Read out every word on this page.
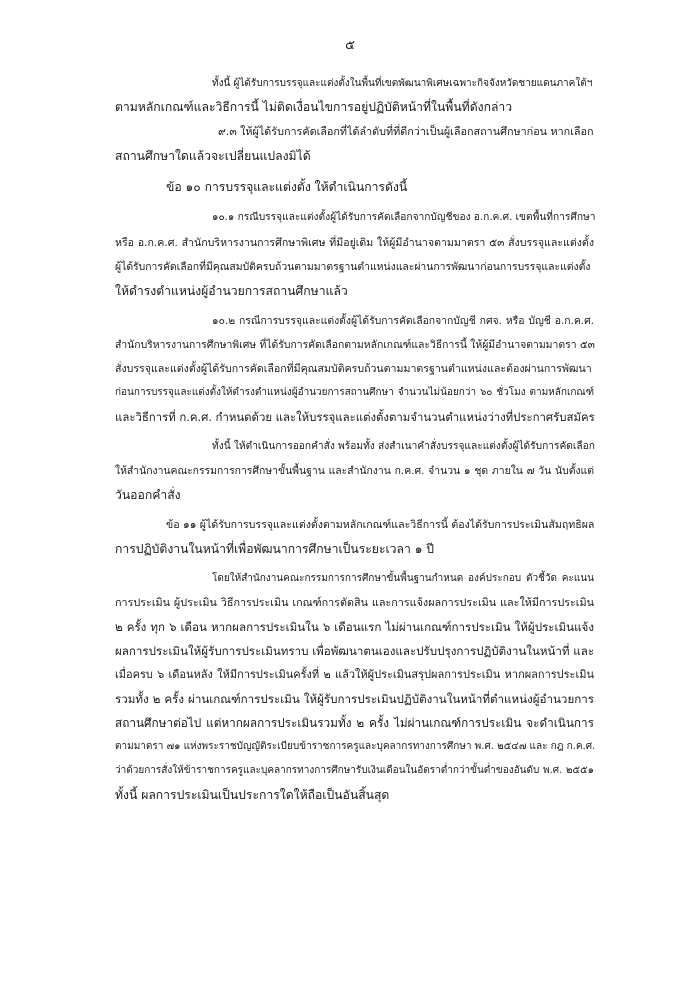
๕
ทั้งนี้ ผู้ได้รับการบรรจุและแต่งตั้งในพื้นที่เขตพัฒนาพิเศษเฉพาะกิจจังหวัดชายแดนภาคใต้ฯ
ตามหลักเกณฑ์และวิธีการนี้ ไม่ติดเงื่อนไขการอยู่ปฏิบัติหน้าที่ในพื้นที่ดังกล่าว
๙.๓ ให้ผู้ได้รับการคัดเลือกที่ได้ลำดับที่ที่ดีกว่าเป็นผู้เลือกสถานศึกษาก่อน หากเลือก
สถานศึกษาใดแล้วจะเปลี่ยนแปลงมิได้
ข้อ ๑๐ การบรรจุและแต่งตั้ง ให้ดำเนินการดังนี้
๑๐.๑ กรณีบรรจุและแต่งตั้งผู้ได้รับการคัดเลือกจากบัญชีของ อ.ก.ค.ศ. เขตพื้นที่การศึกษา
หรือ อ.ก.ค.ศ. สำนักบริหารงานการศึกษาพิเศษ ที่มีอยู่เดิม ให้ผู้มีอำนาจตามมาตรา ๕๓ สั่งบรรจุและแต่งตั้ง
ผู้ได้รับการคัดเลือกที่มีคุณสมบัติครบถ้วนตามมาตรฐานตำแหน่งและผ่านการพัฒนาก่อนการบรรจุและแต่งตั้ง
ให้ดำรงตำแหน่งผู้อำนวยการสถานศึกษาแล้ว
๑๐.๒ กรณีการบรรจุและแต่งตั้งผู้ได้รับการคัดเลือกจากบัญชี กศจ. หรือ บัญชี อ.ก.ค.ศ.
สำนักบริหารงานการศึกษาพิเศษ ที่ได้รับการคัดเลือกตามหลักเกณฑ์และวิธีการนี้ ให้ผู้มีอำนาจตามมาตรา ๕๓
สั่งบรรจุและแต่งตั้งผู้ได้รับการคัดเลือกที่มีคุณสมบัติครบถ้วนตามมาตรฐานตำแหน่งและต้องผ่านการพัฒนา
ก่อนการบรรจุและแต่งตั้งให้ดำรงตำแหน่งผู้อำนวยการสถานศึกษา จำนวนไม่น้อยกว่า ๖๐ ชั่วโมง ตามหลักเกณฑ์
และวิธีการที่ ก.ค.ศ. กำหนดด้วย และให้บรรจุและแต่งตั้งตามจำนวนตำแหน่งว่างที่ประกาศรับสมัคร
ทั้งนี้ ให้ดำเนินการออกคำสั่ง พร้อมทั้ง ส่งสำเนาคำสั่งบรรจุและแต่งตั้งผู้ได้รับการคัดเลือก
ให้สำนักงานคณะกรรมการการศึกษาขั้นพื้นฐาน และสำนักงาน ก.ค.ศ. จำนวน ๑ ชุด ภายใน ๗ วัน นับตั้งแต่
วันออกคำสั่ง
ข้อ ๑๑ ผู้ได้รับการบรรจุและแต่งตั้งตามหลักเกณฑ์และวิธีการนี้ ต้องได้รับการประเมินสัมฤทธิผล
การปฏิบัติงานในหน้าที่เพื่อพัฒนาการศึกษาเป็นระยะเวลา ๑ ปี
โดยให้สำนักงานคณะกรรมการการศึกษาขั้นพื้นฐานกำหนด องค์ประกอบ ตัวชี้วัด คะแนน
การประเมิน ผู้ประเมิน วิธีการประเมิน เกณฑ์การตัดสิน และการแจ้งผลการประเมิน และให้มีการประเมิน
๒ ครั้ง ทุก ๖ เดือน หากผลการประเมินใน ๖ เดือนแรก ไม่ผ่านเกณฑ์การประเมิน ให้ผู้ประเมินแจ้ง
ผลการประเมินให้ผู้รับการประเมินทราบ เพื่อพัฒนาตนเองและปรับปรุงการปฏิบัติงานในหน้าที่ และ
เมื่อครบ ๖ เดือนหลัง ให้มีการประเมินครั้งที่ ๒ แล้วให้ผู้ประเมินสรุปผลการประเมิน หากผลการประเมิน
รวมทั้ง ๒ ครั้ง ผ่านเกณฑ์การประเมิน ให้ผู้รับการประเมินปฏิบัติงานในหน้าที่ตำแหน่งผู้อำนวยการ
สถานศึกษาต่อไป แต่หากผลการประเมินรวมทั้ง ๒ ครั้ง ไม่ผ่านเกณฑ์การประเมิน จะดำเนินการ
ตามมาตรา ๗๑ แห่งพระราชบัญญัติระเบียบข้าราชการครูและบุคลากรทางการศึกษา พ.ศ. ๒๕๔๗ และ กฎ ก.ค.ศ.
ว่าด้วยการสั่งให้ข้าราชการครูและบุคลากรทางการศึกษารับเงินเดือนในอัตราต่ำกว่าขั้นต่ำของอันดับ พ.ศ. ๒๕๕๑
ทั้งนี้ ผลการประเมินเป็นประการใดให้ถือเป็นอันสิ้นสุด
